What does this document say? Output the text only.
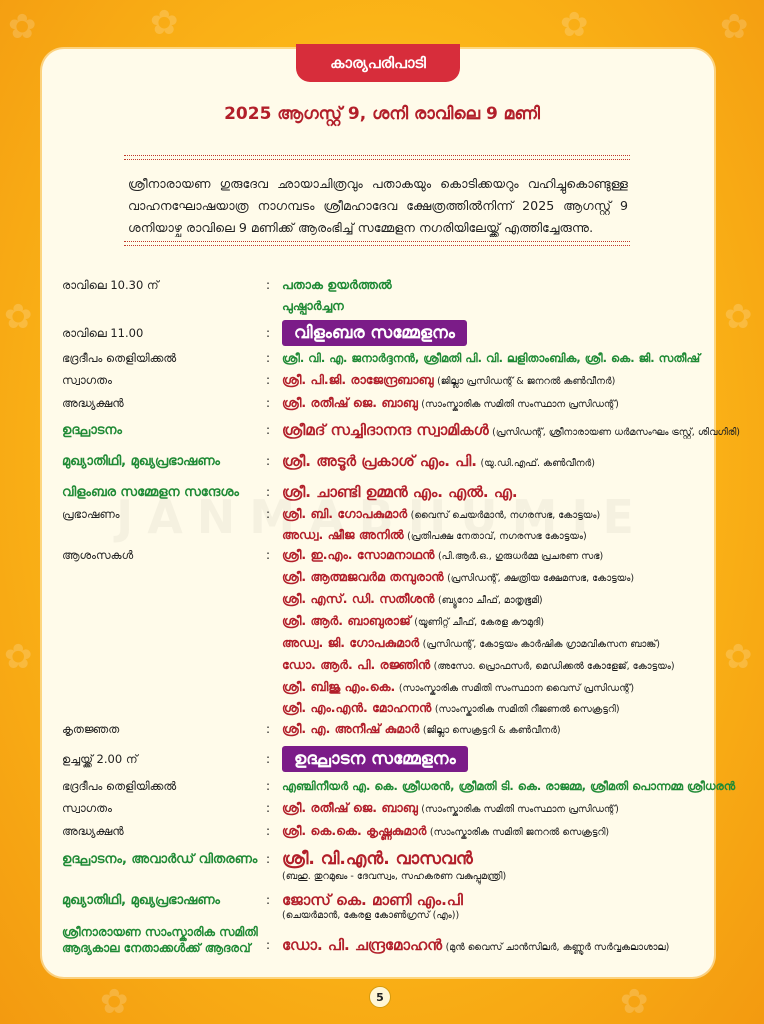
✿	✿	✿	✿
✿	✿
✿	✿
✿	✿
കാര്യപരിപാടി
2025 ആഗസ്റ്റ് 9, ശനി രാവിലെ 9 മണി
ശ്രീനാരായണ ഗുരുദേവ ഛായാചിത്രവും പതാകയും കൊടിക്കയറും വഹിച്ചുകൊണ്ടുള്ള വാഹനഘോഷയാത്ര നാഗമ്പടം ശ്രീമഹാദേവ ക്ഷേത്രത്തിൽനിന്ന് 2025 ആഗസ്റ്റ് 9 ശനിയാഴ്ച രാവിലെ 9 മണിക്ക് ആരംഭിച്ച് സമ്മേളന നഗരിയിലേയ്ക്ക് എത്തിച്ചേരുന്നു.
രാവിലെ 10.30 ന്	: പതാക ഉയർത്തൽ
പുഷ്പാർച്ചന
രാവിലെ 11.00	:	വിളംബര സമ്മേളനം
ഭദ്രദീപം തെളിയിക്കൽ	: ശ്രീ. വി. എ. ജനാർദ്ദനൻ, ശ്രീമതി പി. വി. ലളിതാംബിക, ശ്രീ. കെ. ജി. സതീഷ്
സ്വാഗതം	: ശ്രീ. പി.ജി. രാജേന്ദ്രബാബു (ജില്ലാ പ്രസിഡന്റ് & ജനറൽ കൺവീനർ)
അദ്ധ്യക്ഷൻ	: ശ്രീ. രതീഷ് ജെ. ബാബു (സാംസ്കാരിക സമിതി സംസ്ഥാന പ്രസിഡന്റ്)
ഉദ്ഘാടനം	: ശ്രീമദ് സച്ചിദാനന്ദ സ്വാമികൾ (പ്രസിഡന്റ്, ശ്രീനാരായണ ധർമസംഘം ട്രസ്റ്റ്, ശിവഗിരി)
മുഖ്യാതിഥി, മുഖ്യപ്രഭാഷണം	: ശ്രീ. അടൂർ പ്രകാശ് എം. പി. (യു.ഡി.എഫ്. കൺവീനർ)
വിളംബര സമ്മേളന സന്ദേശം : ശ്രീ. ചാണ്ടി ഉമ്മൻ എം. എൽ. എ.
പ്രഭാഷണം	: ശ്രീ. ബി. ഗോപകുമാർ (വൈസ് ചെയർമാൻ, നഗരസഭ, കോട്ടയം)
അഡ്വ. ഷീജ അനിൽ (പ്രതിപക്ഷ നേതാവ്, നഗരസഭ കോട്ടയം)
ആശംസകൾ	: ശ്രീ. ഇ.എം. സോമനാഥൻ (പി.ആർ.ഒ., ഗുരുധർമ്മ പ്രചരണ സഭ)
ശ്രീ. ആത്മജവർമ തമ്പുരാൻ (പ്രസിഡന്റ്, ക്ഷത്രിയ ക്ഷേമസഭ, കോട്ടയം)
ശ്രീ. എസ്. ഡി. സതീശൻ (ബ്യൂറോ ചീഫ്, മാതൃഭൂമി)
ശ്രീ. ആർ. ബാബുരാജ് (യൂണിറ്റ് ചീഫ്, കേരള കൗമുദി)
അഡ്വ. ജി. ഗോപകുമാർ (പ്രസിഡന്റ്, കോട്ടയം കാർഷിക ഗ്രാമവികസന ബാങ്ക്)
ഡോ. ആർ. പി. രജ്ഞിൻ (അസോ. പ്രൊഫസർ, മെഡിക്കൽ കോളേജ്, കോട്ടയം)
ശ്രീ. ബിജു എം.കെ. (സാംസ്കാരിക സമിതി സംസ്ഥാന വൈസ് പ്രസിഡന്റ്)
ശ്രീ. എം.എൻ. മോഹനൻ (സാംസ്കാരിക സമിതി റീജണൽ സെക്രട്ടറി)
കൃതജ്ഞത	: ശ്രീ. എ. അനീഷ് കുമാർ (ജില്ലാ സെക്രട്ടറി & കൺവീനർ)
ഉച്ചയ്ക്ക് 2.00 ന്	:	ഉദ്ഘാടന സമ്മേളനം
ഭദ്രദീപം തെളിയിക്കൽ	: എഞ്ചിനീയർ എ. കെ. ശ്രീധരൻ, ശ്രീമതി ടി. കെ. രാജമ്മ, ശ്രീമതി പൊന്നമ്മ ശ്രീധരൻ
സ്വാഗതം	: ശ്രീ. രതീഷ് ജെ. ബാബു (സാംസ്കാരിക സമിതി സംസ്ഥാന പ്രസിഡന്റ്)
അദ്ധ്യക്ഷൻ	: ശ്രീ. കെ.കെ. കൃഷ്ണകുമാർ (സാംസ്കാരിക സമിതി ജനറൽ സെക്രട്ടറി)
ഉദ്ഘാടനം, അവാർഡ് വിതരണം : ശ്രീ. വി.എൻ. വാസവൻ
(ബഹു. തുറമുഖം - ദേവസ്വം, സഹകരണ വകുപ്പുമന്ത്രി)
മുഖ്യാതിഥി, മുഖ്യപ്രഭാഷണം	: ജോസ് കെ. മാണി എം.പി
(ചെയർമാൻ, കേരള കോൺഗ്രസ് (എം))
ശ്രീനാരായണ സാംസ്കാരിക സമിതി
ആദ്യകാല നേതാക്കൾക്ക് ആദരവ് : ഡോ. പി. ചന്ദ്രമോഹൻ (മുൻ വൈസ് ചാൻസിലർ, കണ്ണൂർ സർവ്വകലാശാല)
5
